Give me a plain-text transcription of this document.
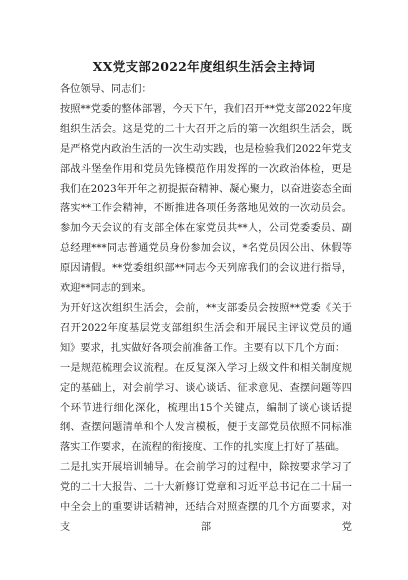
XX党支部2022年度组织生活会主持词

各位领导、同志们：

按照**党委的整体部署，今天下午，我们召开**党支部2022年度组织生活会。这是党的二十大召开之后的第一次组织生活会，既是严格党内政治生活的一次生动实践，也是检验我们2022年党支部战斗堡垒作用和党员先锋模范作用发挥的一次政治体检，更是我们在2023年开年之初提振奋精神、凝心聚力，以奋进姿态全面落实**工作会精神，不断推进各项任务落地见效的一次动员会。参加今天会议的有支部全体在家党员共**人，公司党委委员、副总经理***同志普通党员身份参加会议，*名党员因公出、休假等原因请假。**党委组织部**同志今天列席我们的会议进行指导，欢迎**同志的到来。

为开好这次组织生活会，会前，**支部委员会按照**党委《关于召开2022年度基层党支部组织生活会和开展民主评议党员的通知》要求，扎实做好各项会前准备工作。主要有以下几个方面：

一是规范梳理会议流程。在反复深入学习上级文件和相关制度规定的基础上，对会前学习、谈心谈话、征求意见、查摆问题等四个环节进行细化深化，梳理出15个关键点，编制了谈心谈话提纲、查摆问题清单和个人发言模板，便于支部党员依照不同标准落实工作要求，在流程的衔接度、工作的扎实度上打好了基础。

二是扎实开展培训辅导。在会前学习的过程中，除按要求学习了党的二十大报告、二十大新修订党章和习近平总书记在二十届一中全会上的重要讲话精神，还结合对照查摆的几个方面要求，对支部党
